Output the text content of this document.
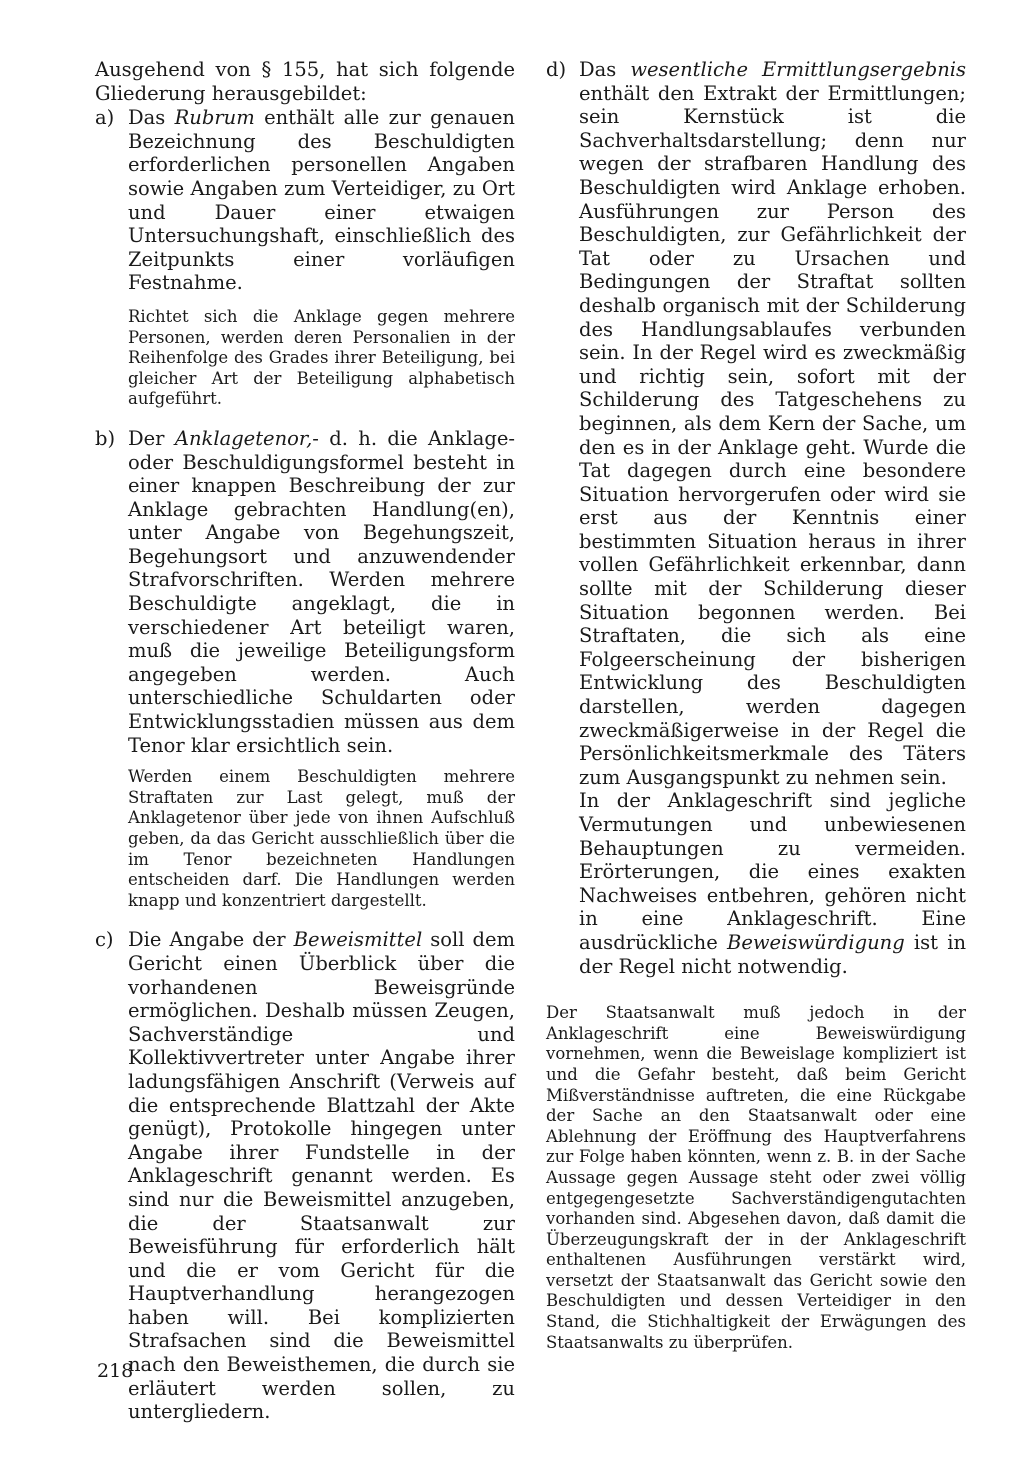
Ausgehend von § 155, hat sich folgende Gliederung herausgebildet:

a) Das Rubrum enthält alle zur genauen Bezeichnung des Beschuldigten erforderlichen personellen Angaben sowie Angaben zum Verteidiger, zu Ort und Dauer einer etwaigen Untersuchungshaft, einschließlich des Zeitpunkts einer vorläufigen Festnahme.

Richtet sich die Anklage gegen mehrere Personen, werden deren Personalien in der Reihenfolge des Grades ihrer Beteiligung, bei gleicher Art der Beteiligung alphabetisch aufgeführt.

b) Der Anklagetenor,- d. h. die Anklage- oder Beschuldigungsformel besteht in einer knappen Beschreibung der zur Anklage gebrachten Handlung(en), unter Angabe von Begehungszeit, Begehungsort und anzuwendender Strafvorschriften. Werden mehrere Beschuldigte angeklagt, die in verschiedener Art beteiligt waren, muß die jeweilige Beteiligungsform angegeben werden. Auch unterschiedliche Schuldarten oder Entwicklungsstadien müssen aus dem Tenor klar ersichtlich sein.

Werden einem Beschuldigten mehrere Straftaten zur Last gelegt, muß der Anklagetenor über jede von ihnen Aufschluß geben, da das Gericht ausschließlich über die im Tenor bezeichneten Handlungen entscheiden darf. Die Handlungen werden knapp und konzentriert dargestellt.

c) Die Angabe der Beweismittel soll dem Gericht einen Überblick über die vorhandenen Beweisgründe ermöglichen. Deshalb müssen Zeugen, Sachverständige und Kollektivvertreter unter Angabe ihrer ladungsfähigen Anschrift (Verweis auf die entsprechende Blattzahl der Akte genügt), Protokolle hingegen unter Angabe ihrer Fundstelle in der Anklageschrift genannt werden. Es sind nur die Beweismittel anzugeben, die der Staatsanwalt zur Beweisführung für erforderlich hält und die er vom Gericht für die Hauptverhandlung herangezogen haben will. Bei komplizierten Strafsachen sind die Beweismittel nach den Beweisthemen, die durch sie erläutert werden sollen, zu untergliedern.

d) Das wesentliche Ermittlungsergebnis enthält den Extrakt der Ermittlungen; sein Kernstück ist die Sachverhaltsdarstellung; denn nur wegen der strafbaren Handlung des Beschuldigten wird Anklage erhoben. Ausführungen zur Person des Beschuldigten, zur Gefährlichkeit der Tat oder zu Ursachen und Bedingungen der Straftat sollten deshalb organisch mit der Schilderung des Handlungsablaufes verbunden sein. In der Regel wird es zweckmäßig und richtig sein, sofort mit der Schilderung des Tatgeschehens zu beginnen, als dem Kern der Sache, um den es in der Anklage geht. Wurde die Tat dagegen durch eine besondere Situation hervorgerufen oder wird sie erst aus der Kenntnis einer bestimmten Situation heraus in ihrer vollen Gefährlichkeit erkennbar, dann sollte mit der Schilderung dieser Situation begonnen werden. Bei Straftaten, die sich als eine Folgeerscheinung der bisherigen Entwicklung des Beschuldigten darstellen, werden dagegen zweckmäßigerweise in der Regel die Persönlichkeitsmerkmale des Täters zum Ausgangspunkt zu nehmen sein.

In der Anklageschrift sind jegliche Vermutungen und unbewiesenen Behauptungen zu vermeiden. Erörterungen, die eines exakten Nachweises entbehren, gehören nicht in eine Anklageschrift. Eine ausdrückliche Beweiswürdigung ist in der Regel nicht notwendig.

Der Staatsanwalt muß jedoch in der Anklageschrift eine Beweiswürdigung vornehmen, wenn die Beweislage kompliziert ist und die Gefahr besteht, daß beim Gericht Mißverständnisse auftreten, die eine Rückgabe der Sache an den Staatsanwalt oder eine Ablehnung der Eröffnung des Hauptverfahrens zur Folge haben könnten, wenn z. B. in der Sache Aussage gegen Aussage steht oder zwei völlig entgegengesetzte Sachverständigengutachten vorhanden sind. Abgesehen davon, daß damit die Überzeugungskraft der in der Anklageschrift enthaltenen Ausführungen verstärkt wird, versetzt der Staatsanwalt das Gericht sowie den Beschuldigten und dessen Verteidiger in den Stand, die Stichhaltigkeit der Erwägungen des Staatsanwalts zu überprüfen.

218
